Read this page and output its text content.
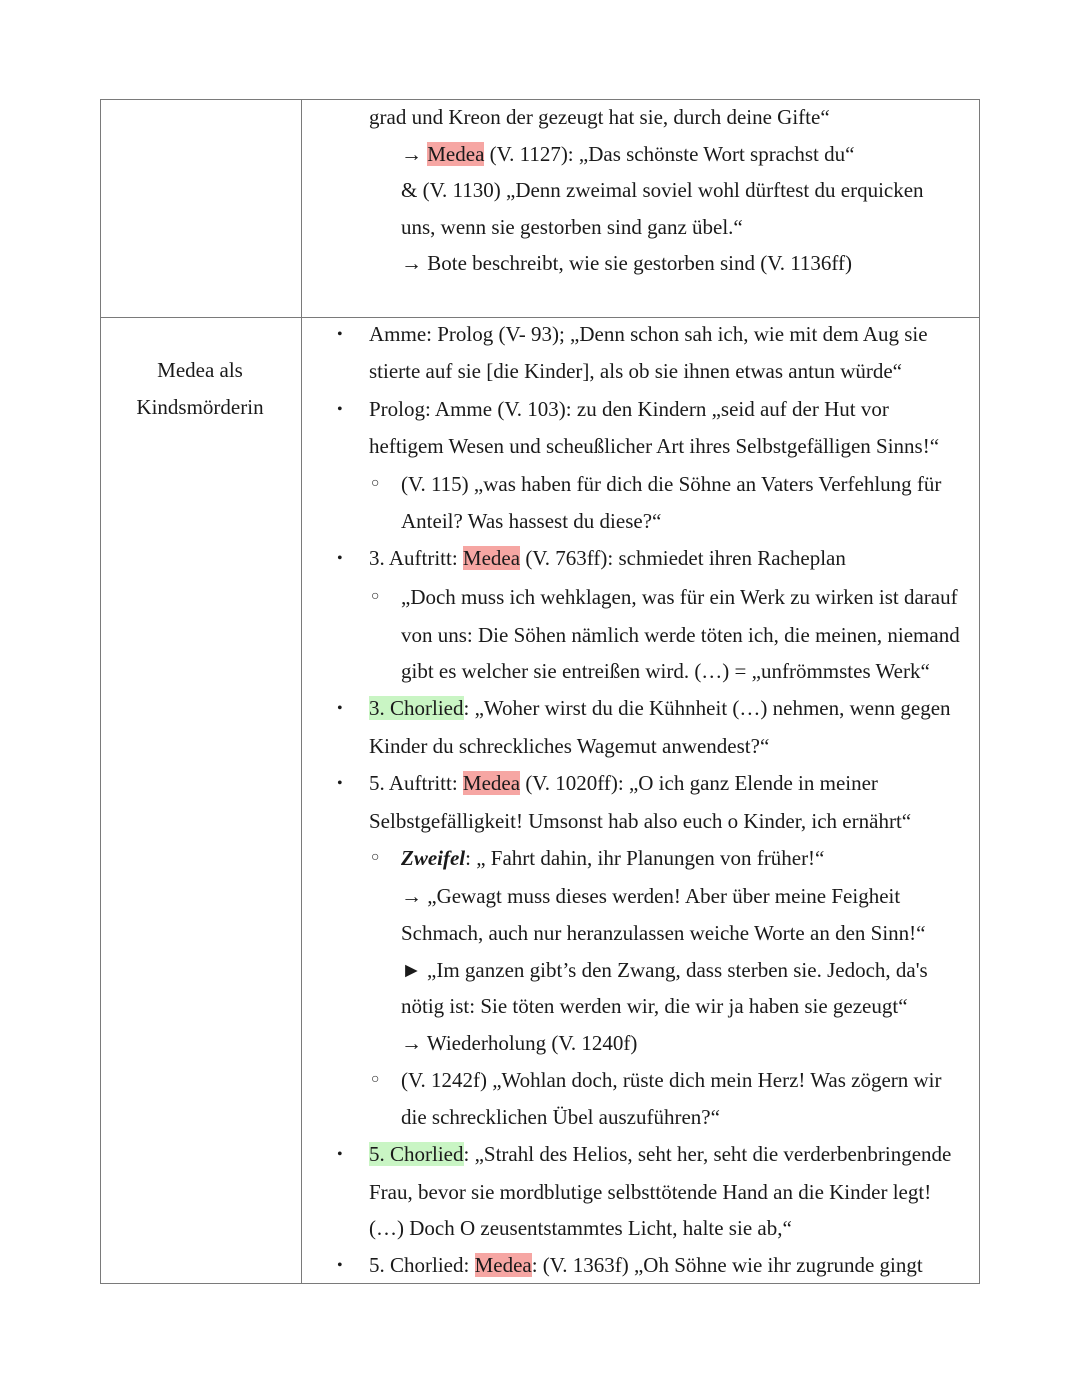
grad und Kreon der gezeugt hat sie, durch deine Gifte“
→ Medea (V. 1127): „Das schönste Wort sprachst du“
& (V. 1130) „Denn zweimal soviel wohl dürftest du erquicken
uns, wenn sie gestorben sind ganz übel.“
→ Bote beschreibt, wie sie gestorben sind (V. 1136ff)
Medea als
Kindsmörderin
• Amme: Prolog (V- 93); „Denn schon sah ich, wie mit dem Aug sie
stierte auf sie [die Kinder], als ob sie ihnen etwas antun würde“
• Prolog: Amme (V. 103): zu den Kindern „seid auf der Hut vor
heftigem Wesen und scheußlicher Art ihres Selbstgefälligen Sinns!“
○ (V. 115) „was haben für dich die Söhne an Vaters Verfehlung für
Anteil? Was hassest du diese?“
• 3. Auftritt: Medea (V. 763ff): schmiedet ihren Racheplan
○ „Doch muss ich wehklagen, was für ein Werk zu wirken ist darauf
von uns: Die Söhen nämlich werde töten ich, die meinen, niemand
gibt es welcher sie entreißen wird. (…) = „unfrömmstes Werk“
• 3. Chorlied: „Woher wirst du die Kühnheit (…) nehmen, wenn gegen
Kinder du schreckliches Wagemut anwendest?“
• 5. Auftritt: Medea (V. 1020ff): „O ich ganz Elende in meiner
Selbstgefälligkeit! Umsonst hab also euch o Kinder, ich ernährt“
○ Zweifel: „ Fahrt dahin, ihr Planungen von früher!“
→ „Gewagt muss dieses werden! Aber über meine Feigheit
Schmach, auch nur heranzulassen weiche Worte an den Sinn!“
► „Im ganzen gibt’s den Zwang, dass sterben sie. Jedoch, da's
nötig ist: Sie töten werden wir, die wir ja haben sie gezeugt“
→ Wiederholung (V. 1240f)
○ (V. 1242f) „Wohlan doch, rüste dich mein Herz! Was zögern wir
die schrecklichen Übel auszuführen?“
• 5. Chorlied: „Strahl des Helios, seht her, seht die verderbenbringende
Frau, bevor sie mordblutige selbsttötende Hand an die Kinder legt!
(…) Doch O zeusentstammtes Licht, halte sie ab,“
• 5. Chorlied: Medea: (V. 1363f) „Oh Söhne wie ihr zugrunde gingt
